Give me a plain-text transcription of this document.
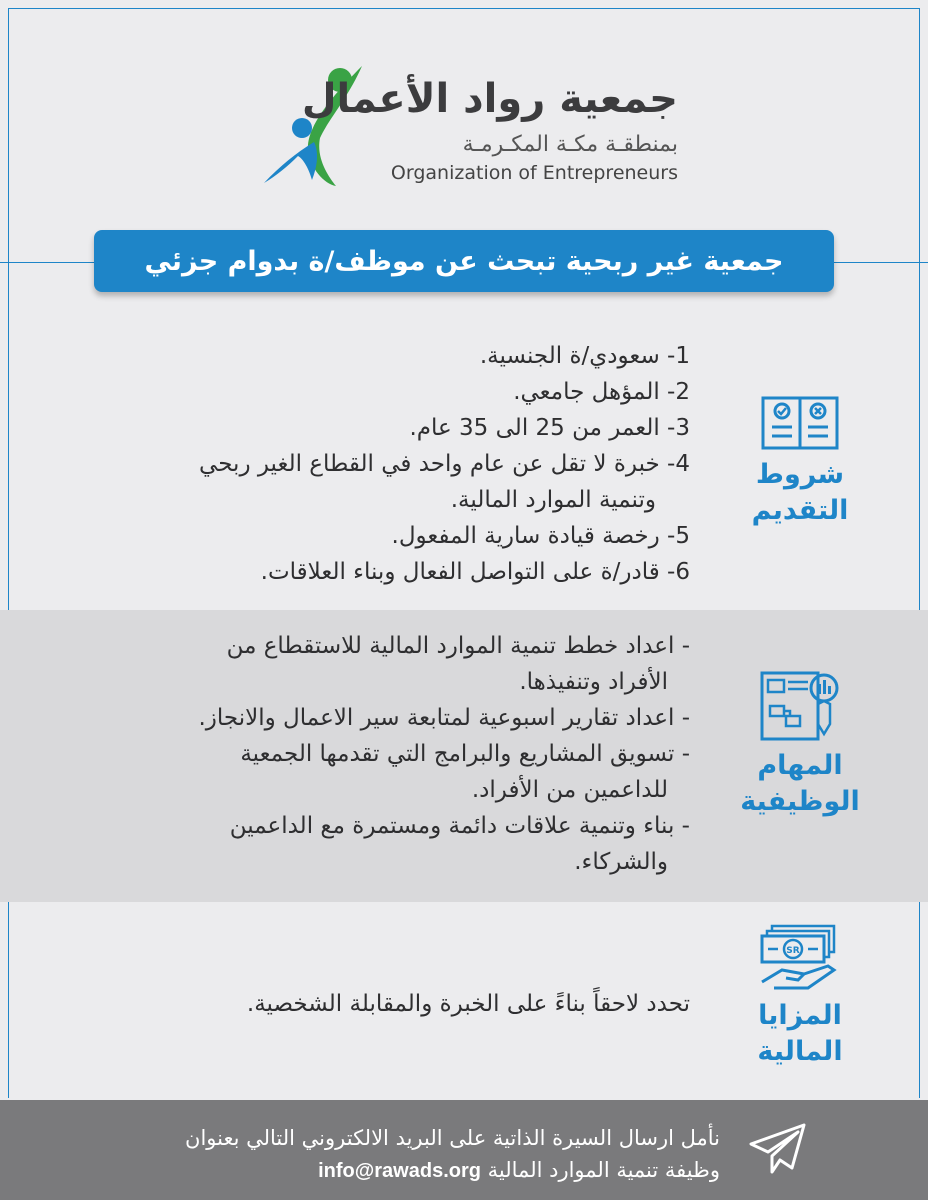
جمعية رواد الأعمال
بمنطقـة مكـة المكـرمـة
Organization of Entrepreneurs
جمعية غير ربحية تبحث عن موظف/ة بدوام جزئي
1- سعودي/ة الجنسية.
2- المؤهل جامعي.
3- العمر من 25 الى 35 عام.
4- خبرة لا تقل عن عام واحد في القطاع الغير ربحي
وتنمية الموارد المالية.
5- رخصة قيادة سارية المفعول.
6- قادر/ة على التواصل الفعال وبناء العلاقات.
شروط
التقديم
- اعداد خطط تنمية الموارد المالية للاستقطاع من
الأفراد وتنفيذها.
- اعداد تقارير اسبوعية لمتابعة سير الاعمال والانجاز.
- تسويق المشاريع والبرامج التي تقدمها الجمعية
للداعمين من الأفراد.
- بناء وتنمية علاقات دائمة ومستمرة مع الداعمين
والشركاء.
المهام
الوظيفية
تحدد لاحقاً بناءً على الخبرة والمقابلة الشخصية.
SR
المزايا
المالية
نأمل ارسال السيرة الذاتية على البريد الالكتروني التالي بعنوان
وظيفة تنمية الموارد المالية info@rawads.org
